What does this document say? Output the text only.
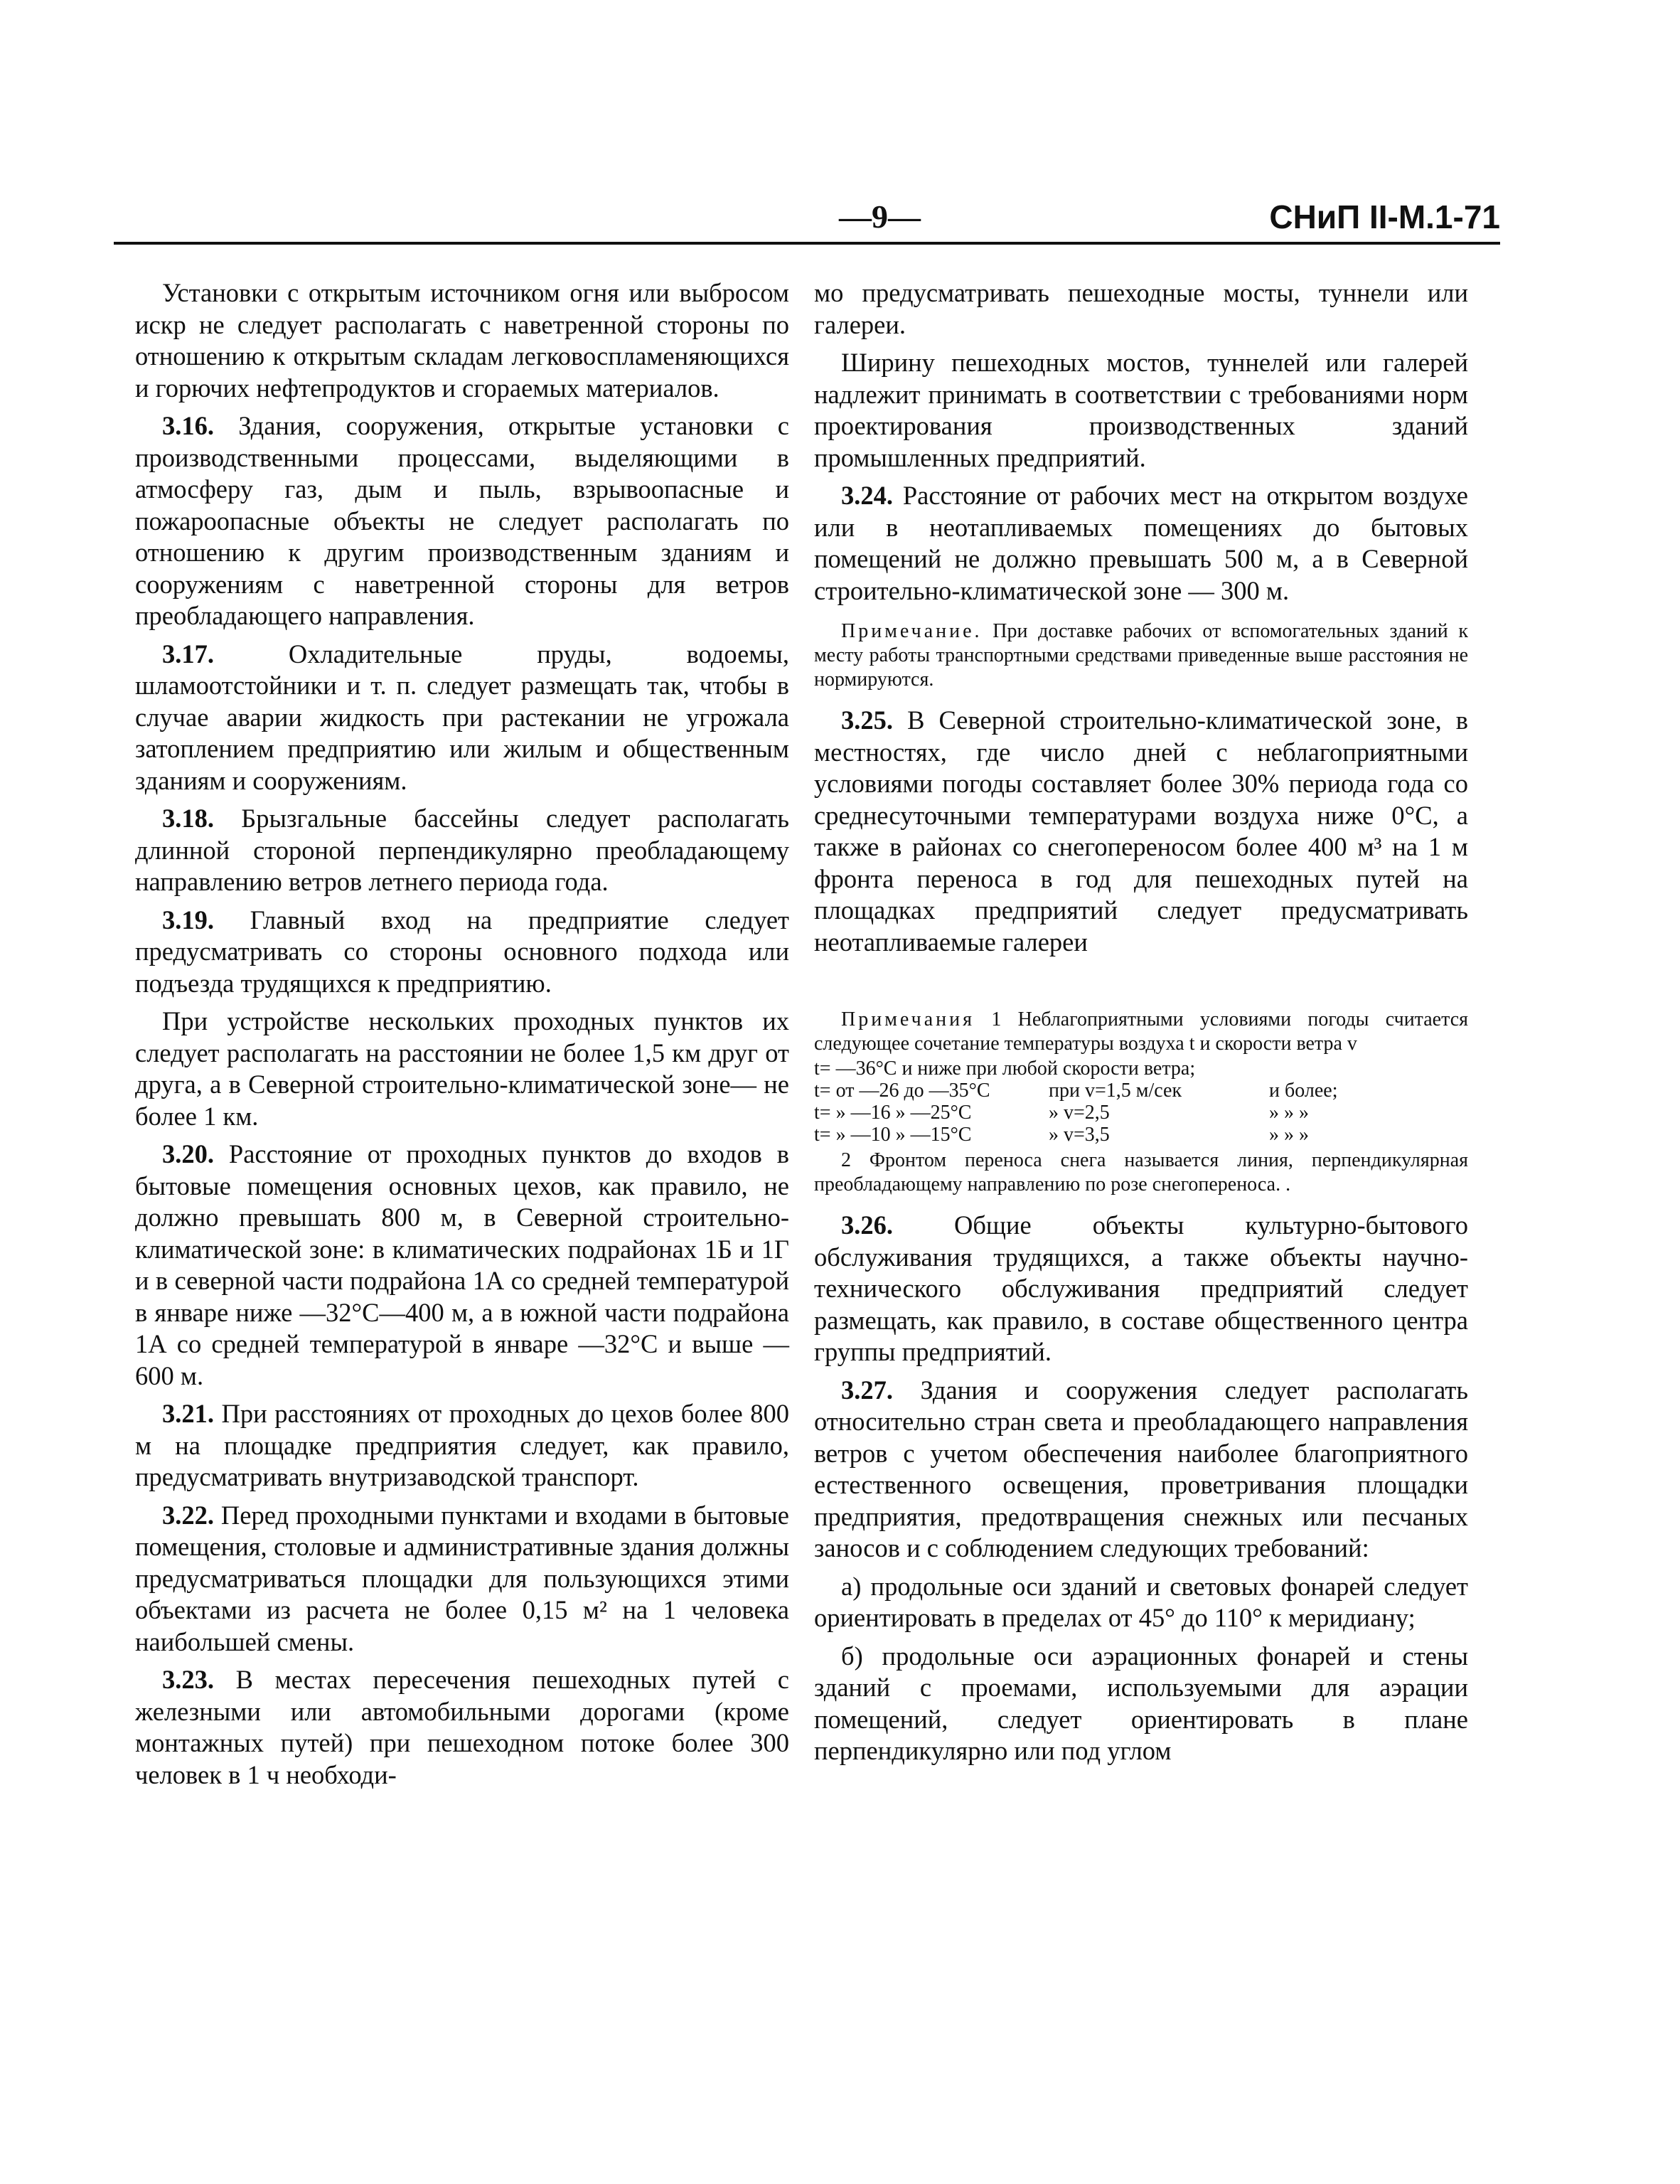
—9—	СНиП II-М.1-71

Установки с открытым источником огня или выбросом искр не следует располагать с наветренной стороны по отношению к открытым складам легковоспламеняющихся и горючих нефтепродуктов и сгораемых материалов.

3.16. Здания, сооружения, открытые установки с производственными процессами, выделяющими в атмосферу газ, дым и пыль, взрывоопасные и пожароопасные объекты не следует располагать по отношению к другим производственным зданиям и сооружениям с наветренной стороны для ветров преобладающего направления.

3.17.	Охладительные пруды, водоемы, шламоотстойники и т. п. следует размещать так, чтобы в случае аварии жидкость при растекании не угрожала затоплением предприятию или жилым и общественным зданиям и сооружениям.

3.18. Брызгальные бассейны следует располагать длинной стороной перпендикулярно преобладающему направлению ветров летнего периода года.

3.19. Главный вход на предприятие следует предусматривать со стороны основного подхода или подъезда трудящихся к предприятию.

При устройстве нескольких проходных пунктов их следует располагать на расстоянии не более 1,5 км друг от друга, а в Северной строительно-климатической зоне— не более 1 км.

3.20. Расстояние от проходных пунктов до входов в бытовые помещения основных цехов, как правило, не должно превышать 800 м, в Северной строительно-климатической зоне: в климатических подрайонах 1Б и 1Г и в северной части подрайона 1А со средней температурой в январе ниже —32°С—400 м, а в южной части подрайона 1А со средней температурой в январе —32°С и выше — 600 м.

3.21. При расстояниях от проходных до цехов более 800 м на площадке предприятия следует, как правило, предусматривать внутризаводской транспорт.

3.22. Перед проходными пунктами и входами в бытовые помещения, столовые и административные здания должны предусматриваться площадки для пользующихся этими объектами из расчета не более 0,15 м² на 1 человека наибольшей смены.

3.23. В местах пересечения пешеходных путей с железными или автомобильными дорогами (кроме монтажных путей) при пешеходном потоке более 300 человек в 1 ч необходи-

мо предусматривать пешеходные мосты, туннели или галереи.

Ширину пешеходных мостов, туннелей или галерей надлежит принимать в соответствии с требованиями норм проектирования производственных зданий промышленных предприятий.

3.24. Расстояние от рабочих мест на открытом воздухе или в неотапливаемых помещениях до бытовых помещений не должно превышать 500 м, а в Северной строительно-климатической зоне — 300 м.

Примечание. При доставке рабочих от вспомогательных зданий к месту работы транспортными средствами приведенные выше расстояния не нормируются.

3.25. В Северной строительно-климатической зоне, в местностях, где число дней с неблагоприятными условиями погоды составляет более 30% периода года со среднесуточными температурами воздуха ниже 0°С, а также в районах со снегопереносом более 400 м³ на 1 м фронта переноса в год для пешеходных путей на площадках предприятий следует предусматривать неотапливаемые галереи

Примечания 1 Неблагоприятными условиями погоды считается следующее сочетание температуры воздуха t и скорости ветра v

t= —36°С и ниже при любой скорости ветра;
t= от —26 до —35°С	при v=1,5 м/сек	и более;
t= » —16 » —25°С	» v=2,5	» » »
t= » —10 » —15°С	» v=3,5	» » »

2 Фронтом переноса снега называется линия, перпендикулярная преобладающему направлению по розе снегопереноса. .

3.26. Общие объекты культурно-бытового обслуживания трудящихся, а также объекты научно-технического обслуживания предприятий следует размещать, как правило, в составе общественного центра группы предприятий.

3.27. Здания и сооружения следует располагать относительно стран света и преобладающего направления ветров с учетом обеспечения наиболее благоприятного естественного освещения, проветривания площадки предприятия, предотвращения снежных или песчаных заносов и с соблюдением следующих требований:

а) продольные оси зданий и световых фонарей следует ориентировать в пределах от 45° до 110° к меридиану;

б) продольные оси аэрационных фонарей и стены зданий с проемами, используемыми для аэрации помещений, следует ориентировать в плане перпендикулярно или под углом
